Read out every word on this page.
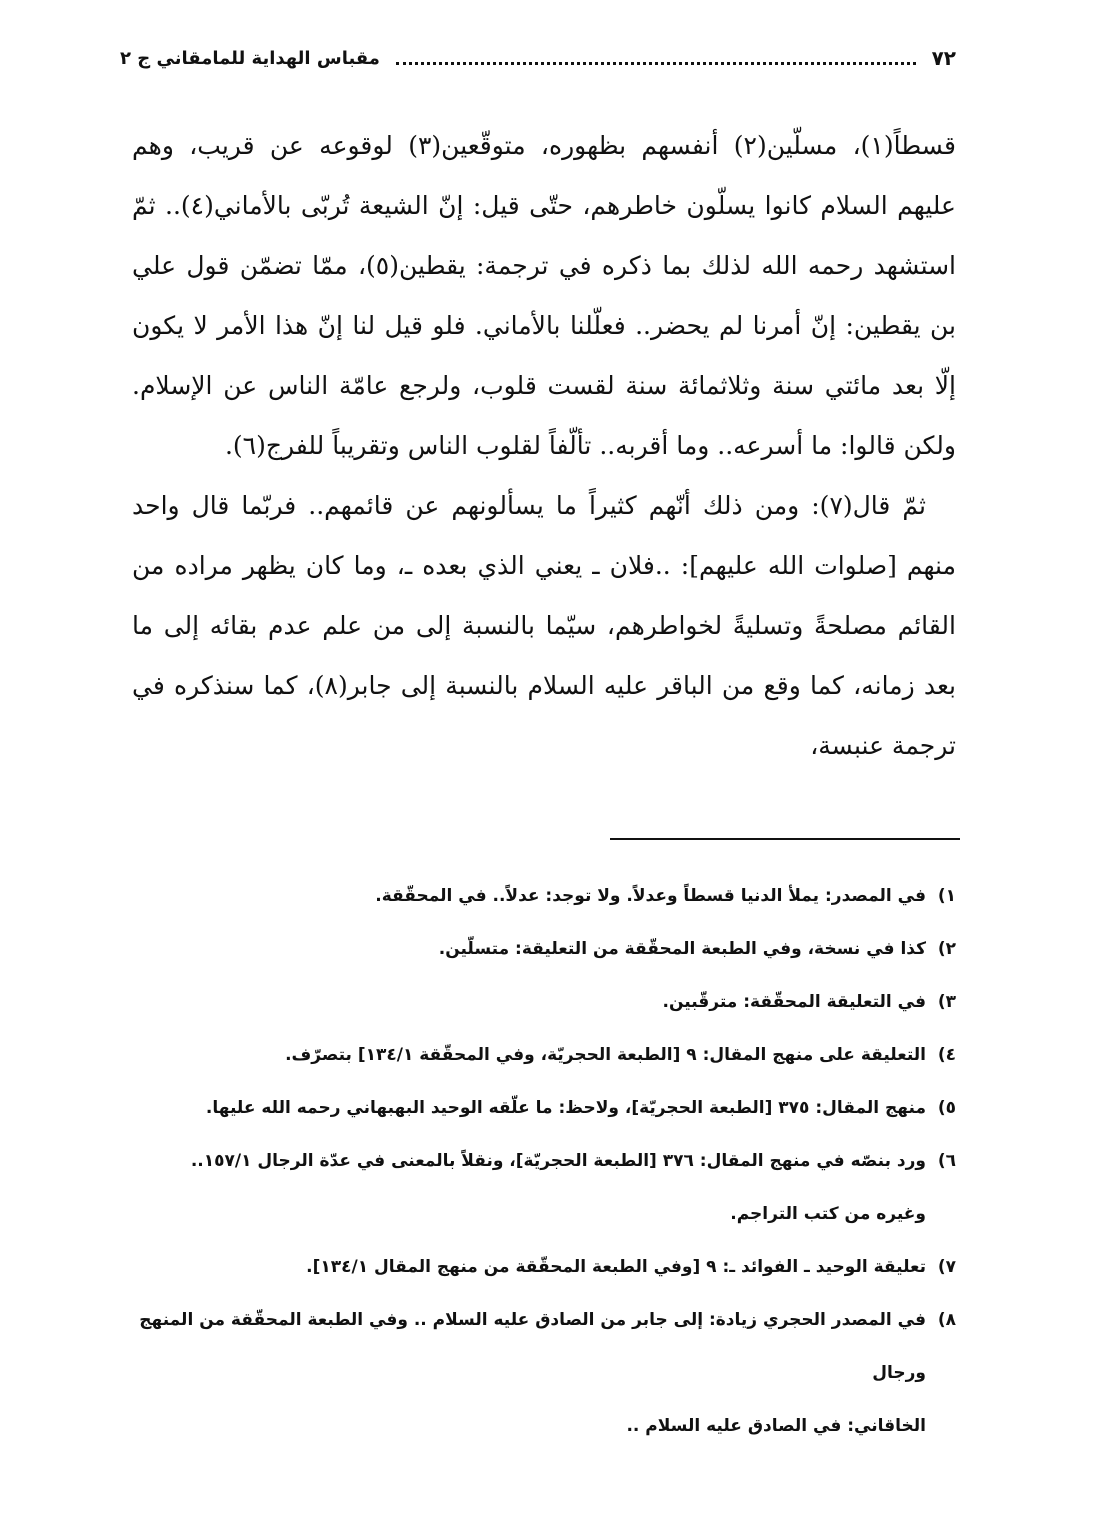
٧٢
مقباس الهداية للمامقاني ج ٢

قسطاً(١)، مسلّين(٢) أنفسهم بظهوره، متوقّعين(٣) لوقوعه عن قريب، وهم عليهم السلام كانوا يسلّون خاطرهم، حتّى قيل: إنّ الشيعة تُربّى بالأماني(٤).. ثمّ استشهد رحمه الله لذلك بما ذكره في ترجمة: يقطين(٥)، ممّا تضمّن قول علي بن يقطين: إنّ أمرنا لم يحضر.. فعلّلنا بالأماني. فلو قيل لنا إنّ هذا الأمر لا يكون إلّا بعد مائتي سنة وثلاثمائة سنة لقست قلوب، ولرجع عامّة الناس عن الإسلام. ولكن قالوا: ما أسرعه.. وما أقربه.. تألّفاً لقلوب الناس وتقريباً للفرج(٦).

ثمّ قال(٧): ومن ذلك أنّهم كثيراً ما يسألونهم عن قائمهم.. فربّما قال واحد منهم [صلوات الله عليهم]: ..فلان ـ يعني الذي بعده ـ، وما كان يظهر مراده من القائم مصلحةً وتسليةً لخواطرهم، سيّما بالنسبة إلى من علم عدم بقائه إلى ما بعد زمانه، كما وقع من الباقر عليه السلام بالنسبة إلى جابر(٨)، كما سنذكره في ترجمة عنبسة،

١)
في المصدر: يملأ الدنيا قسطاً وعدلاً. ولا توجد: عدلاً.. في المحقّقة.
٢)
كذا في نسخة، وفي الطبعة المحقّقة من التعليقة: متسلّين.
٣)
في التعليقة المحقّقة: مترقّبين.
٤)
التعليقة على منهج المقال: ٩ [الطبعة الحجريّة، وفي المحقّقة ١٣٤/١] بتصرّف.
٥)
منهج المقال: ٣٧٥ [الطبعة الحجريّة]، ولاحظ: ما علّقه الوحيد البهبهاني رحمه الله عليها.
٦)
ورد بنصّه في منهج المقال: ٣٧٦ [الطبعة الحجريّة]، ونقلاً بالمعنى في عدّة الرجال ١٥٧/١..
وغيره من كتب التراجم.
٧)
تعليقة الوحيد ـ الفوائد ـ: ٩ [وفي الطبعة المحقّقة من منهج المقال ١٣٤/١].
٨)
في المصدر الحجري زيادة: إلى جابر من الصادق عليه السلام .. وفي الطبعة المحقّقة من المنهج ورجال
الخاقاني: في الصادق عليه السلام ..
